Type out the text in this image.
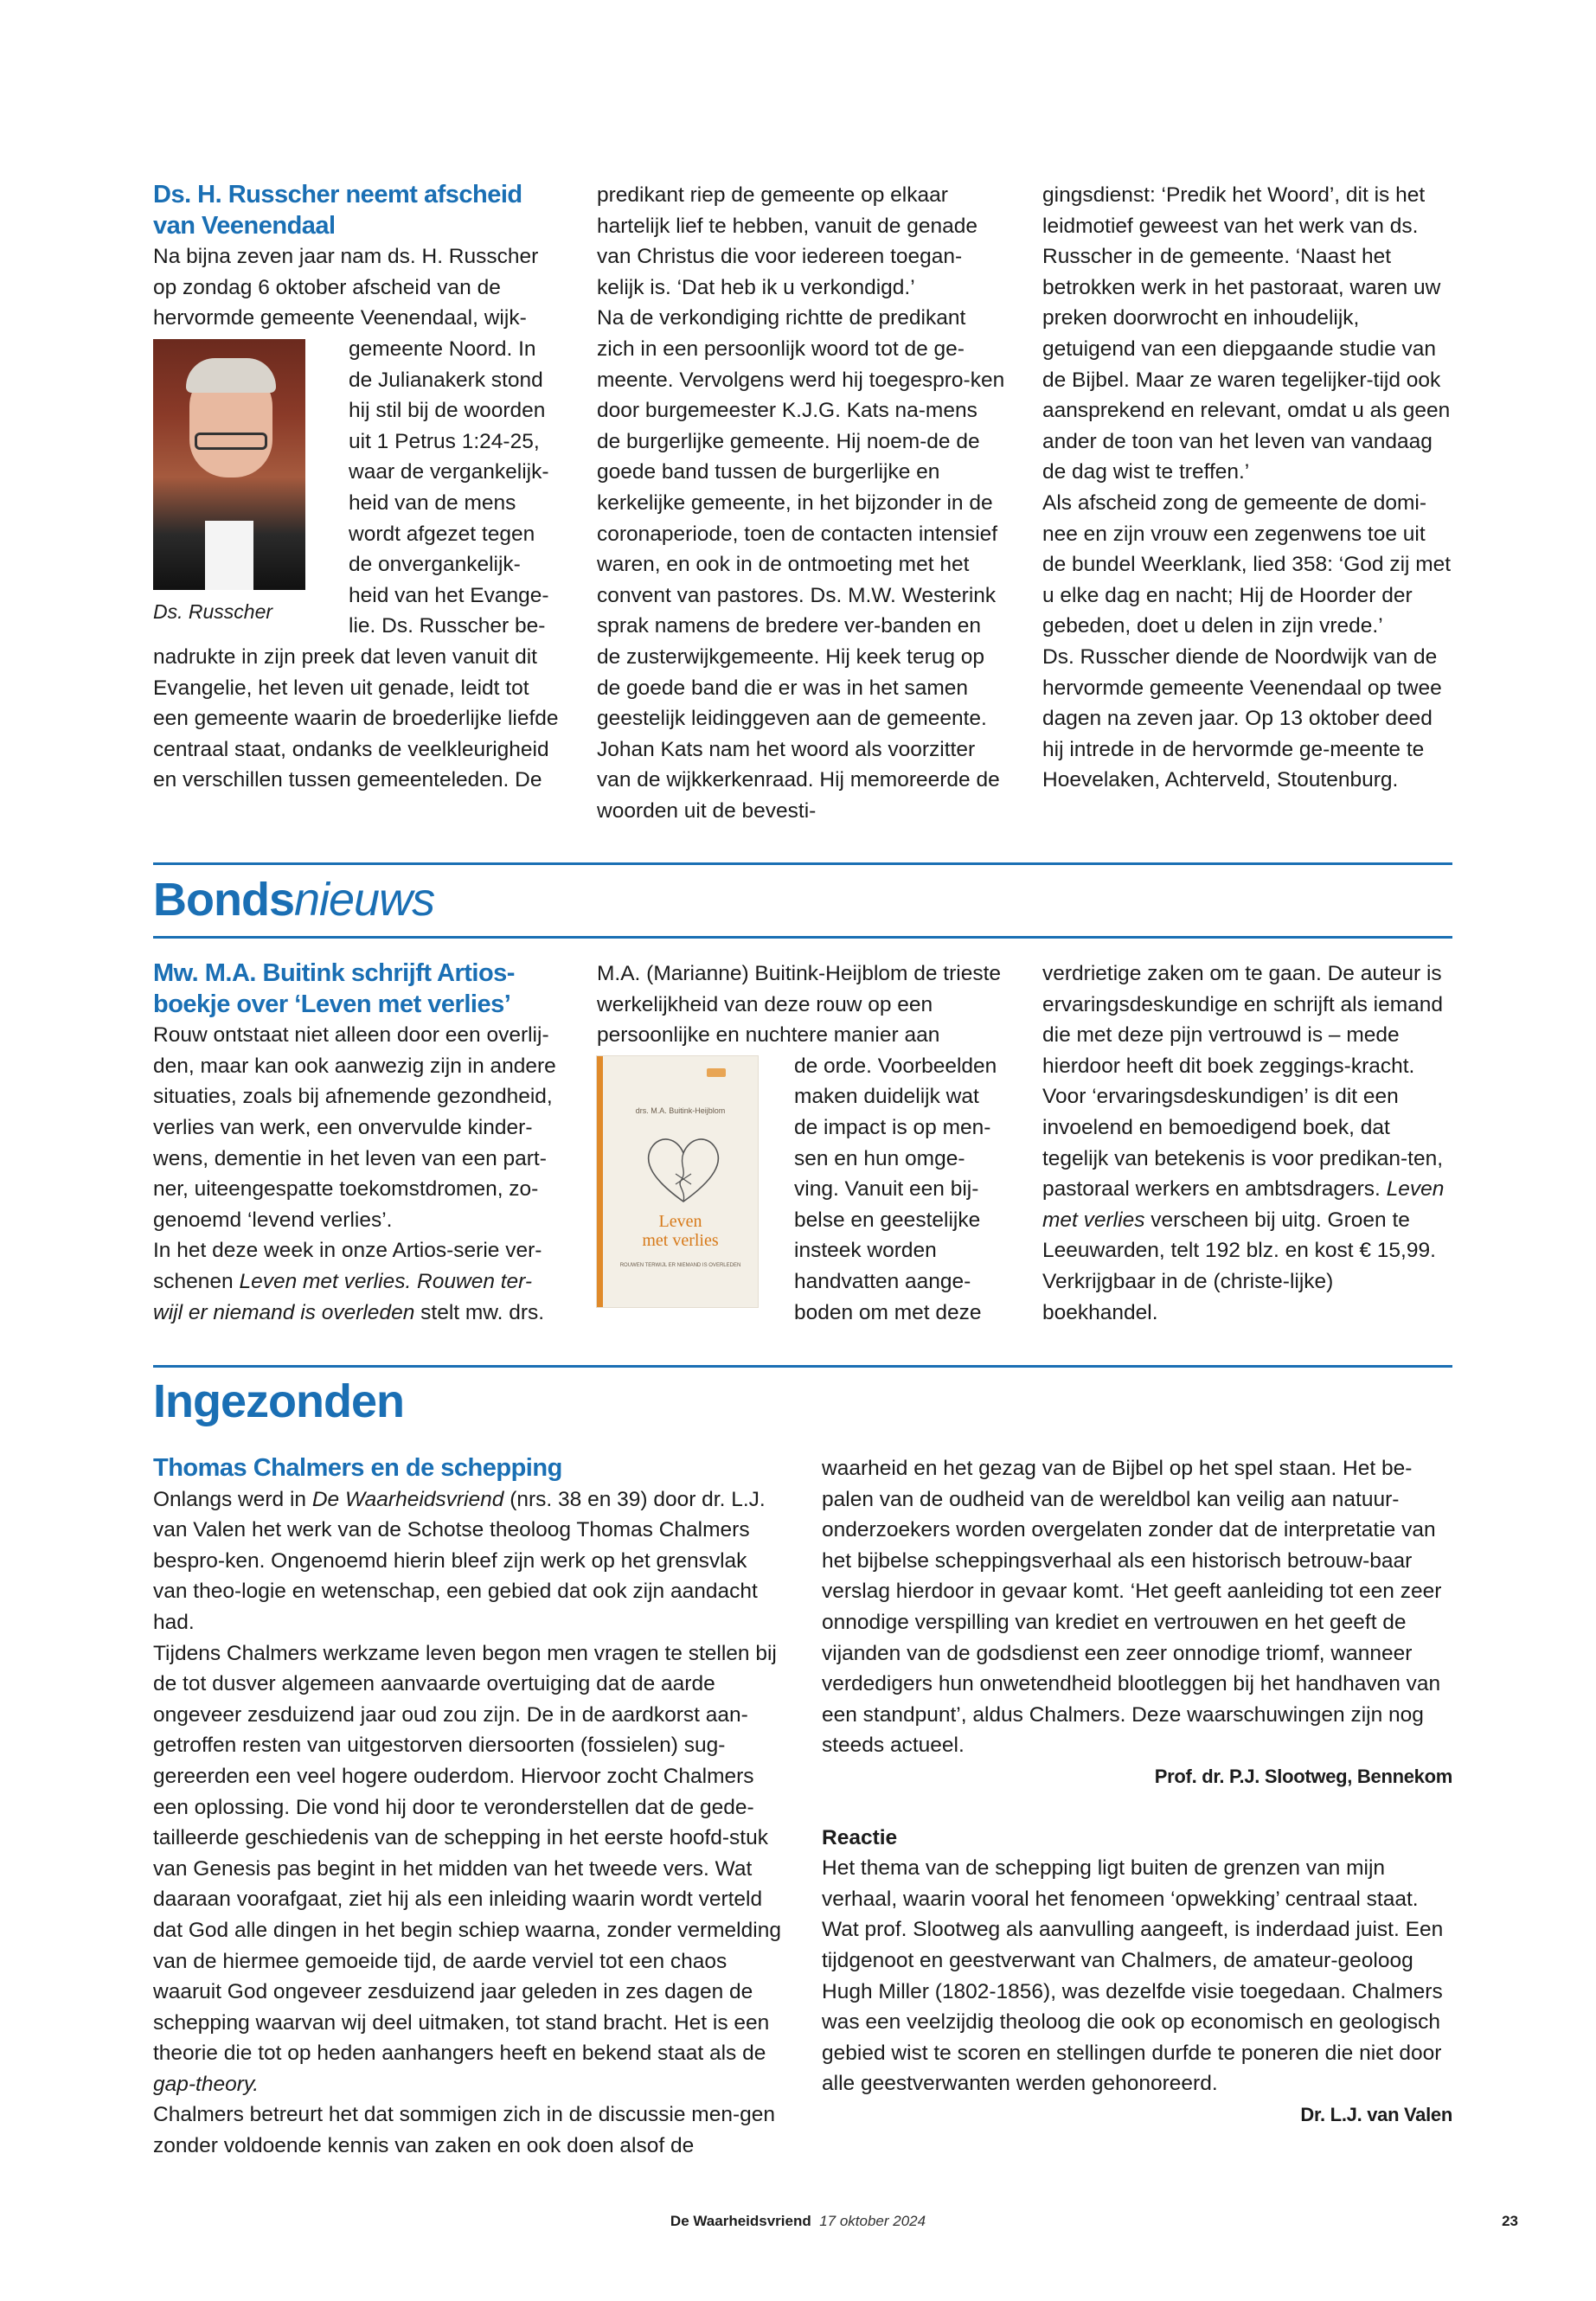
Ds. H. Russcher neemt afscheid van Veenendaal

Na bijna zeven jaar nam ds. H. Russcher op zondag 6 oktober afscheid van de hervormde gemeente Veenendaal, wijk-

Ds. Russcher

gemeente Noord. In de Julianakerk stond hij stil bij de woorden uit 1 Petrus 1:24-25, waar de vergankelijk-heid van de mens wordt afgezet tegen de onvergankelijk-heid van het Evange-lie. Ds. Russcher be-nadrukte in zijn preek dat leven vanuit dit Evangelie, het leven uit genade, leidt tot een gemeente waarin de broederlijke liefde centraal staat, ondanks de veelkleurigheid en verschillen tussen gemeenteleden. De

predikant riep de gemeente op elkaar hartelijk lief te hebben, vanuit de genade van Christus die voor iedereen toegan-kelijk is. ‘Dat heb ik u verkondigd.’

Na de verkondiging richtte de predikant zich in een persoonlijk woord tot de ge-meente. Vervolgens werd hij toegespro-ken door burgemeester K.J.G. Kats na-mens de burgerlijke gemeente. Hij noem-de de goede band tussen de burgerlijke en kerkelijke gemeente, in het bijzonder in de coronaperiode, toen de contacten intensief waren, en ook in de ontmoeting met het convent van pastores. Ds. M.W. Westerink sprak namens de bredere ver-banden en de zusterwijkgemeente. Hij keek terug op de goede band die er was in het samen geestelijk leidinggeven aan de gemeente. Johan Kats nam het woord als voorzitter van de wijkkerkenraad. Hij memoreerde de woorden uit de bevesti-

gingsdienst: ‘Predik het Woord’, dit is het leidmotief geweest van het werk van ds. Russcher in de gemeente. ‘Naast het betrokken werk in het pastoraat, waren uw preken doorwrocht en inhoudelijk, getuigend van een diepgaande studie van de Bijbel. Maar ze waren tegelijker-tijd ook aansprekend en relevant, omdat u als geen ander de toon van het leven van vandaag de dag wist te treffen.’

Als afscheid zong de gemeente de domi-nee en zijn vrouw een zegenwens toe uit de bundel Weerklank, lied 358: ‘God zij met u elke dag en nacht; Hij de Hoorder der gebeden, doet u delen in zijn vrede.’

Ds. Russcher diende de Noordwijk van de hervormde gemeente Veenendaal op twee dagen na zeven jaar. Op 13 oktober deed hij intrede in de hervormde ge-meente te Hoevelaken, Achterveld, Stoutenburg.

Bondsnieuws
Mw. M.A. Buitink schrijft Artios-boekje over ‘Leven met verlies’

Rouw ontstaat niet alleen door een overlij-den, maar kan ook aanwezig zijn in andere situaties, zoals bij afnemende gezondheid, verlies van werk, een onvervulde kinder-wens, dementie in het leven van een part-ner, uiteengespatte toekomstdromen, zo-genoemd ‘levend verlies’.

In het deze week in onze Artios-serie ver-schenen Leven met verlies. Rouwen ter-wijl er niemand is overleden stelt mw. drs.

M.A. (Marianne) Buitink-Heijblom de trieste werkelijkheid van deze rouw op een persoonlijke en nuchtere manier aan

drs. M.A. Buitink-Heijblom
Leven
met verlies
ROUWEN TERWIJL ER NIEMAND IS OVERLEDEN

de orde. Voorbeelden maken duidelijk wat de impact is op men-sen en hun omge-ving. Vanuit een bij-belse en geestelijke insteek worden handvatten aange-boden om met deze

verdrietige zaken om te gaan. De auteur is ervaringsdeskundige en schrijft als iemand die met deze pijn vertrouwd is – mede hierdoor heeft dit boek zeggings-kracht. Voor ‘ervaringsdeskundigen’ is dit een invoelend en bemoedigend boek, dat tegelijk van betekenis is voor predikan-ten, pastoraal werkers en ambtsdragers. Leven met verlies verscheen bij uitg. Groen te Leeuwarden, telt 192 blz. en kost € 15,99. Verkrijgbaar in de (christe-lijke) boekhandel.

Ingezonden
Thomas Chalmers en de schepping

Onlangs werd in De Waarheidsvriend (nrs. 38 en 39) door dr. L.J. van Valen het werk van de Schotse theoloog Thomas Chalmers bespro-ken. Ongenoemd hierin bleef zijn werk op het grensvlak van theo-logie en wetenschap, een gebied dat ook zijn aandacht had.

Tijdens Chalmers werkzame leven begon men vragen te stellen bij de tot dusver algemeen aanvaarde overtuiging dat de aarde ongeveer zesduizend jaar oud zou zijn. De in de aardkorst aan-getroffen resten van uitgestorven diersoorten (fossielen) sug-gereerden een veel hogere ouderdom. Hiervoor zocht Chalmers een oplossing. Die vond hij door te veronderstellen dat de gede-tailleerde geschiedenis van de schepping in het eerste hoofd-stuk van Genesis pas begint in het midden van het tweede vers. Wat daaraan voorafgaat, ziet hij als een inleiding waarin wordt verteld dat God alle dingen in het begin schiep waarna, zonder vermelding van de hiermee gemoeide tijd, de aarde verviel tot een chaos waaruit God ongeveer zesduizend jaar geleden in zes dagen de schepping waarvan wij deel uitmaken, tot stand bracht. Het is een theorie die tot op heden aanhangers heeft en bekend staat als de gap-theory.

Chalmers betreurt het dat sommigen zich in de discussie men-gen zonder voldoende kennis van zaken en ook doen alsof de

waarheid en het gezag van de Bijbel op het spel staan. Het be-palen van de oudheid van de wereldbol kan veilig aan natuur-onderzoekers worden overgelaten zonder dat de interpretatie van het bijbelse scheppingsverhaal als een historisch betrouw-baar verslag hierdoor in gevaar komt. ‘Het geeft aanleiding tot een zeer onnodige verspilling van krediet en vertrouwen en het geeft de vijanden van de godsdienst een zeer onnodige triomf, wanneer verdedigers hun onwetendheid blootleggen bij het handhaven van een standpunt’, aldus Chalmers. Deze waarschuwingen zijn nog steeds actueel.

Prof. dr. P.J. Slootweg, Bennekom

Reactie

Het thema van de schepping ligt buiten de grenzen van mijn verhaal, waarin vooral het fenomeen ‘opwekking’ centraal staat. Wat prof. Slootweg als aanvulling aangeeft, is inderdaad juist. Een tijdgenoot en geestverwant van Chalmers, de amateur-geoloog Hugh Miller (1802-1856), was dezelfde visie toegedaan. Chalmers was een veelzijdig theoloog die ook op economisch en geologisch gebied wist te scoren en stellingen durfde te poneren die niet door alle geestverwanten werden gehonoreerd.

Dr. L.J. van Valen
De Waarheidsvriend 17 oktober 2024	23
